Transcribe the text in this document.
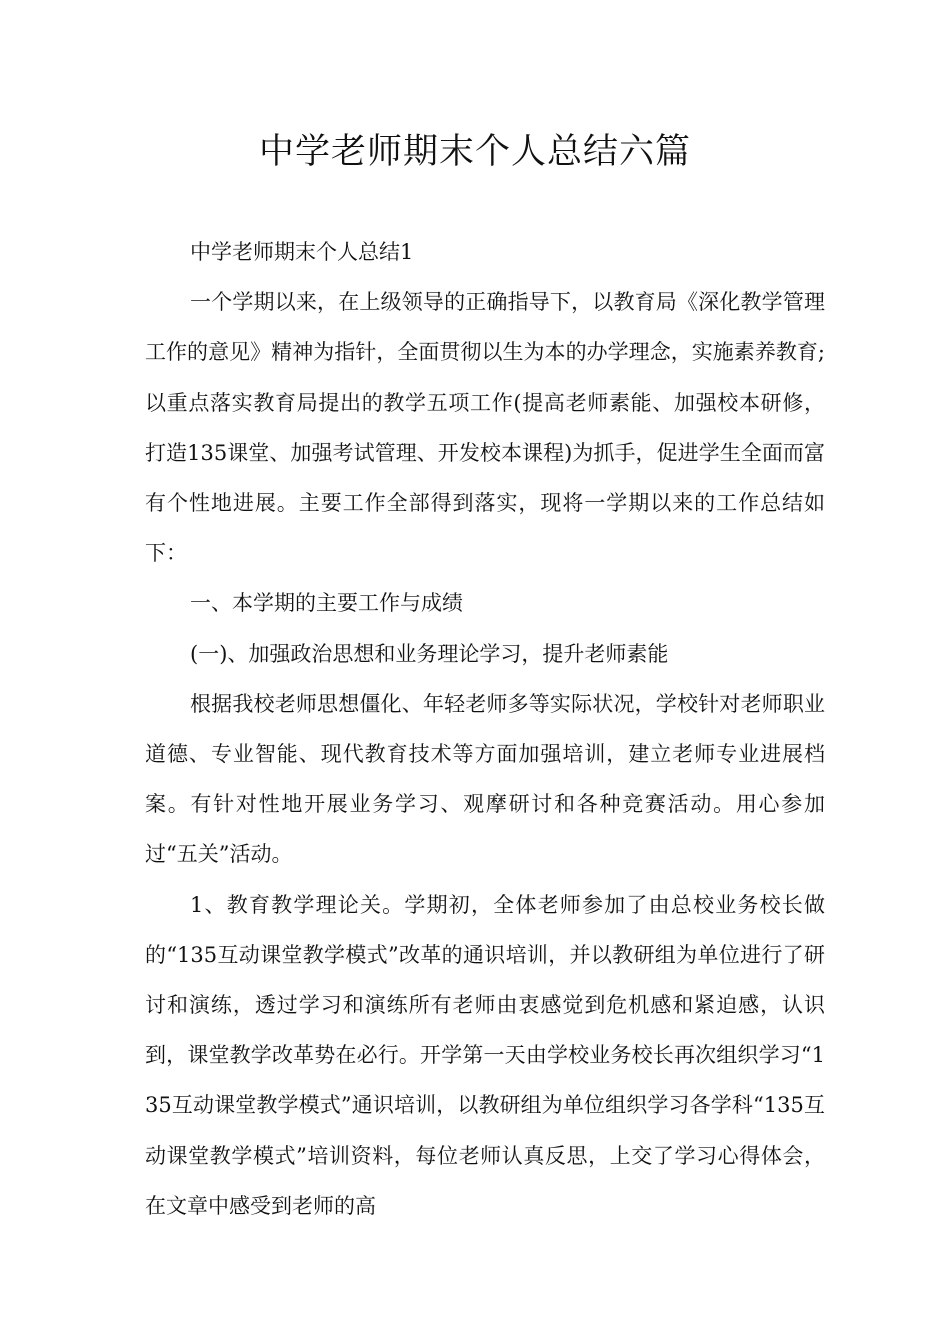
中学老师期末个人总结六篇

中学老师期末个人总结1

一个学期以来，在上级领导的正确指导下，以教育局《深化教学管理工作的意见》精神为指针，全面贯彻以生为本的办学理念，实施素养教育;以重点落实教育局提出的教学五项工作(提高老师素能、加强校本研修，打造135课堂、加强考试管理、开发校本课程)为抓手，促进学生全面而富有个性地进展。主要工作全部得到落实，现将一学期以来的工作总结如下：

一、本学期的主要工作与成绩

(一)、加强政治思想和业务理论学习，提升老师素能

根据我校老师思想僵化、年轻老师多等实际状况，学校针对老师职业道德、专业智能、现代教育技术等方面加强培训，建立老师专业进展档案。有针对性地开展业务学习、观摩研讨和各种竞赛活动。用心参加过“五关”活动。

1、教育教学理论关。学期初，全体老师参加了由总校业务校长做的“135互动课堂教学模式”改革的通识培训，并以教研组为单位进行了研讨和演练，透过学习和演练所有老师由衷感觉到危机感和紧迫感，认识到，课堂教学改革势在必行。开学第一天由学校业务校长再次组织学习“135互动课堂教学模式”通识培训，以教研组为单位组织学习各学科“135互动课堂教学模式”培训资料，每位老师认真反思，上交了学习心得体会，在文章中感受到老师的高
